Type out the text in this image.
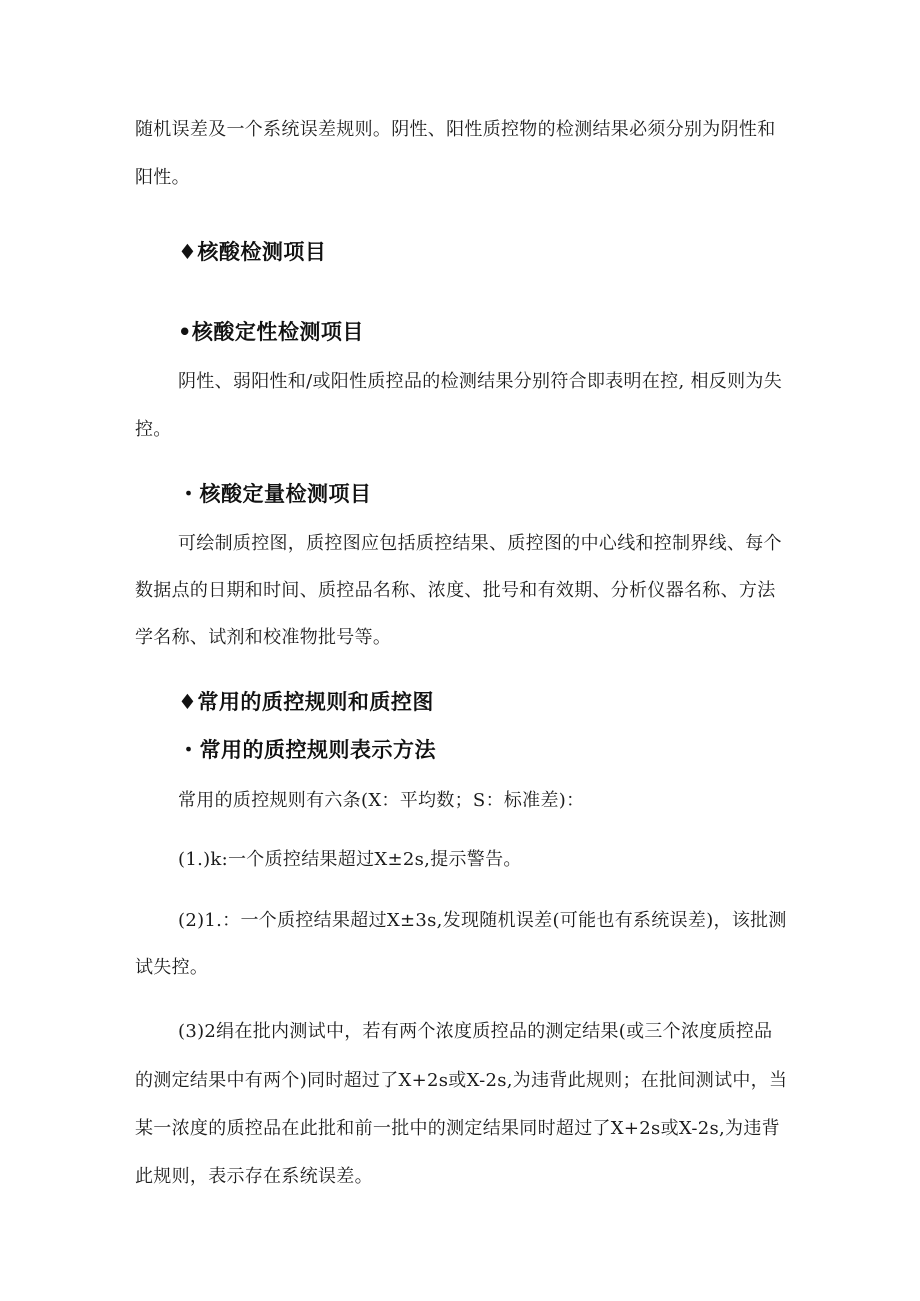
随机误差及一个系统误差规则。阴性、阳性质控物的检测结果必须分别为阴性和

阳性。

♦核酸检测项目
•核酸定性检测项目

阴性、弱阳性和/或阳性质控品的检测结果分别符合即表明在控, 相反则为失

控。

・核酸定量检测项目

可绘制质控图，质控图应包括质控结果、质控图的中心线和控制界线、每个

数据点的日期和时间、质控品名称、浓度、批号和有效期、分析仪器名称、方法

学名称、试剂和校准物批号等。

♦常用的质控规则和质控图
・常用的质控规则表示方法

常用的质控规则有六条(X：平均数；S：标准差)：

(1.)k:一个质控结果超过X±2s,提示警告。

(2)1.：一个质控结果超过X±3s,发现随机误差(可能也有系统误差)，该批测

试失控。

(3)2绢在批内测试中，若有两个浓度质控品的测定结果(或三个浓度质控品

的测定结果中有两个)同时超过了X+2s或X-2s,为违背此规则；在批间测试中，当

某一浓度的质控品在此批和前一批中的测定结果同时超过了X+2s或X-2s,为违背

此规则，表示存在系统误差。
